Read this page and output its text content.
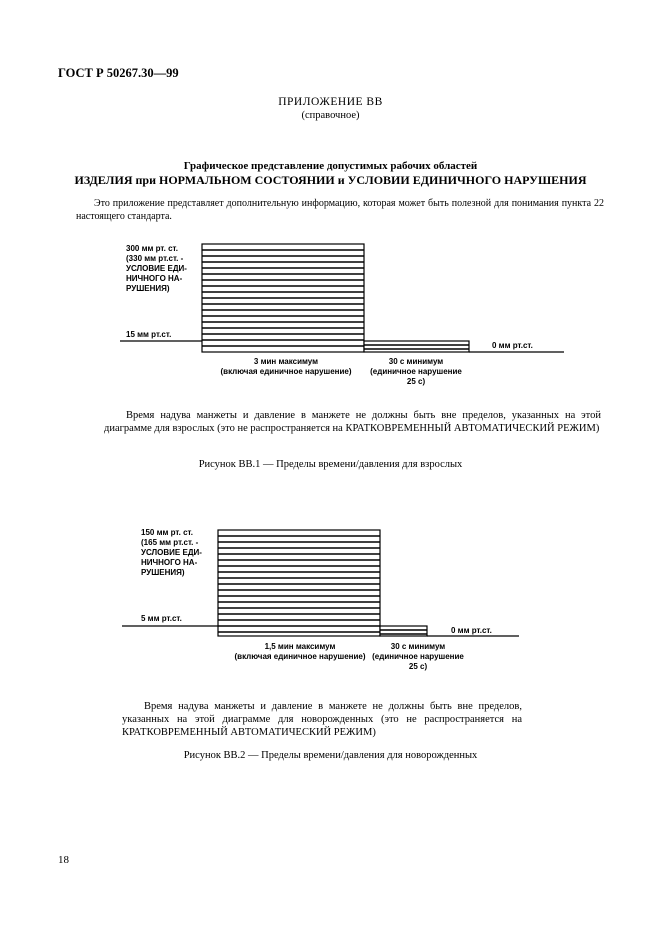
ГОСТ Р 50267.30—99
ПРИЛОЖЕНИЕ ВВ
(справочное)
Графическое представление допустимых рабочих областей
ИЗДЕЛИЯ при НОРМАЛЬНОМ СОСТОЯНИИ и УСЛОВИИ ЕДИНИЧНОГО НАРУШЕНИЯ
Это приложение представляет дополнительную информацию, которая может быть полезной для понимания пункта 22 настоящего стандарта.
300 мм рт. ст.
(330 мм рт.ст. -
УСЛОВИЕ ЕДИ-
НИЧНОГО НА-
РУШЕНИЯ)
15 мм рт.ст.
0 мм рт.ст.
3 мин максимум
(включая единичное нарушение)
30 с минимум
(единичное нарушение
25 с)
150 мм рт. ст.
(165 мм рт.ст. -
УСЛОВИЕ ЕДИ-
НИЧНОГО НА-
РУШЕНИЯ)
5 мм рт.ст.
0 мм рт.ст.
1,5 мин максимум
(включая единичное нарушение)
30 с минимум
(единичное нарушение
25 с)
Время надува манжеты и давление в манжете не должны быть вне пределов, указанных на этой диаграмме для взрослых (это не распространяется на КРАТКОВРЕМЕННЫЙ АВТОМАТИЧЕСКИЙ РЕЖИМ)
Рисунок ВВ.1 — Пределы времени/давления для взрослых
Время надува манжеты и давление в манжете не должны быть вне пределов, указанных на этой диаграмме для новорожденных (это не распространяется на КРАТКОВРЕМЕННЫЙ АВТОМАТИЧЕСКИЙ РЕЖИМ)
Рисунок ВВ.2 — Пределы времени/давления для новорожденных
18
